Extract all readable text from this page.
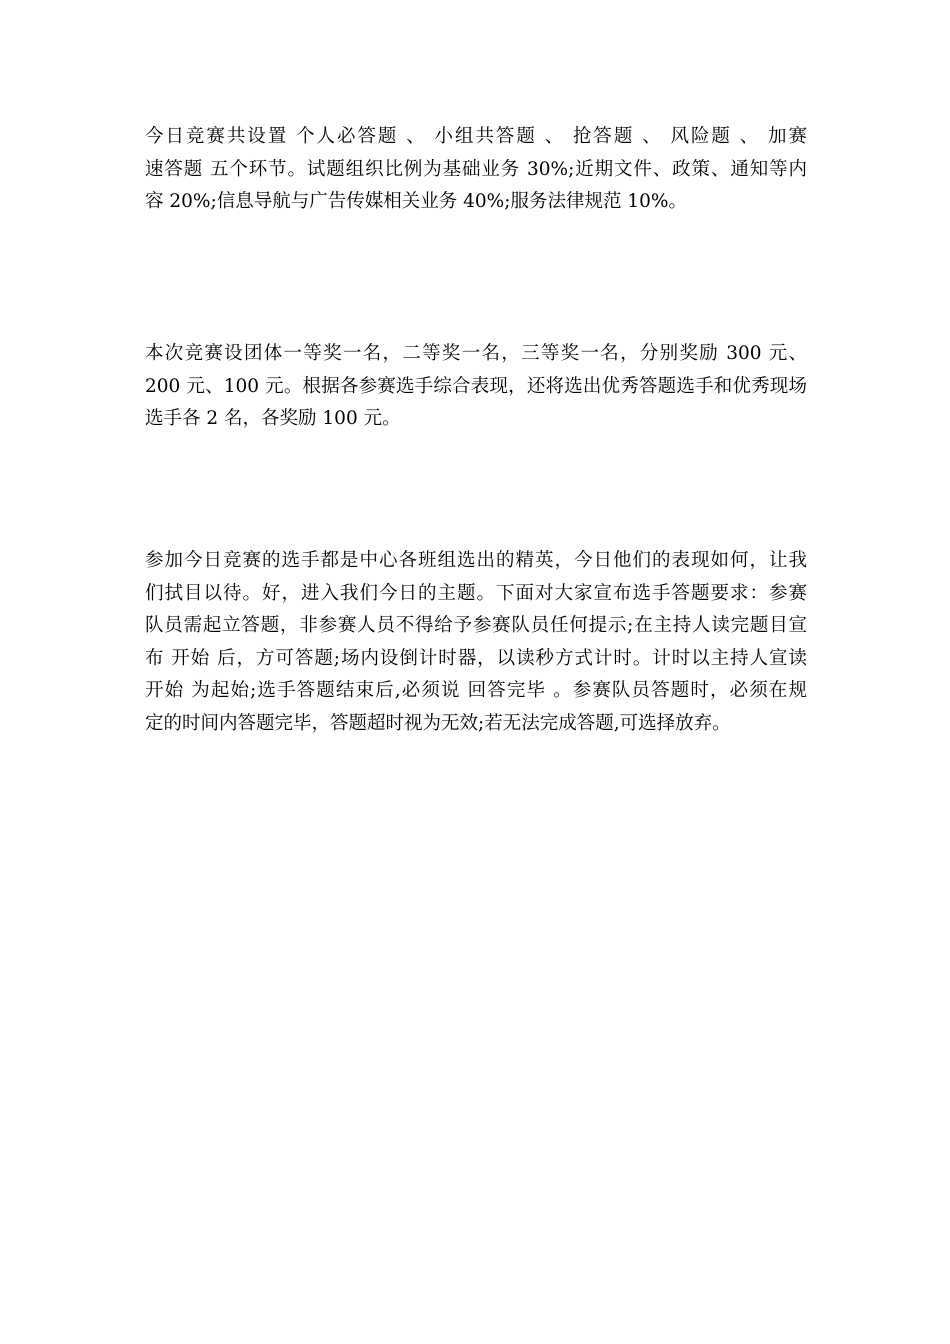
今日竞赛共设置 个人必答题 、 小组共答题 、 抢答题 、 风险题 、 加赛
速答题 五个环节。试题组织比例为基础业务 30%;近期文件、政策、通知等内
容 20%;信息导航与广告传媒相关业务 40%;服务法律规范 10%。
本次竞赛设团体一等奖一名，二等奖一名，三等奖一名，分别奖励 300 元、
200 元、100 元。根据各参赛选手综合表现，还将选出优秀答题选手和优秀现场
选手各 2 名，各奖励 100 元。
参加今日竞赛的选手都是中心各班组选出的精英，今日他们的表现如何，让我
们拭目以待。好，进入我们今日的主题。下面对大家宣布选手答题要求：参赛
队员需起立答题，非参赛人员不得给予参赛队员任何提示;在主持人读完题目宣
布 开始 后，方可答题;场内设倒计时器，以读秒方式计时。计时以主持人宣读
开始 为起始;选手答题结束后,必须说 回答完毕 。参赛队员答题时，必须在规
定的时间内答题完毕，答题超时视为无效;若无法完成答题,可选择放弃。
